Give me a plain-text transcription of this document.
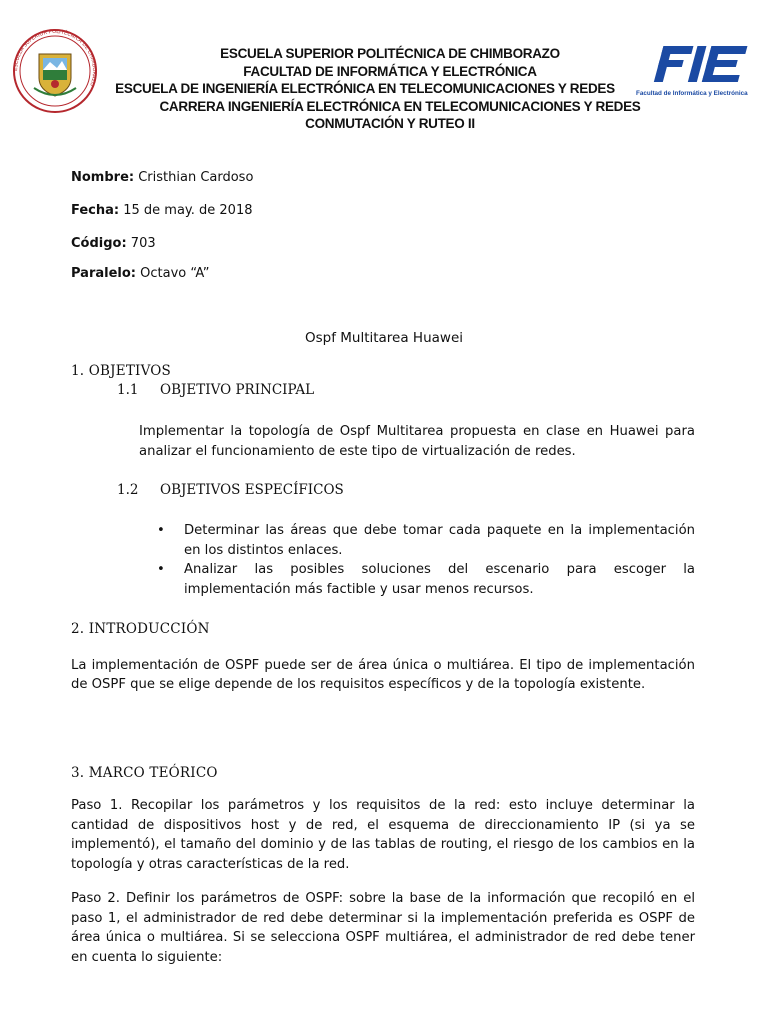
ESCUELA SUPERIOR POLITÉCNICA DE CHIMBORAZO
ESCUELA SUPERIOR POLITÉCNICA DE CHIMBORAZO
FACULTAD DE INFORMÁTICA Y ELECTRÓNICA
ESCUELA DE INGENIERÍA ELECTRÓNICA EN TELECOMUNICACIONES Y REDES
CARRERA INGENIERÍA ELECTRÓNICA EN TELECOMUNICACIONES Y REDES
CONMUTACIÓN Y RUTEO II
Facultad de Informática y Electrónica
Nombre: Cristhian Cardoso
Fecha: 15 de may. de 2018
Código: 703
Paralelo: Octavo “A”
Ospf Multitarea Huawei
1. OBJETIVOS
1.1 OBJETIVO PRINCIPAL
Implementar la topología de Ospf Multitarea propuesta en clase en Huawei para analizar el funcionamiento de este tipo de virtualización de redes.
1.2 OBJETIVOS ESPECÍFICOS
• Determinar las áreas que debe tomar cada paquete en la implementación en los distintos enlaces.
• Analizar las posibles soluciones del escenario para escoger la implementación más factible y usar menos recursos.
2. INTRODUCCIÓN
La implementación de OSPF puede ser de área única o multiárea. El tipo de implementación de OSPF que se elige depende de los requisitos específicos y de la topología existente.
3. MARCO TEÓRICO
Paso 1. Recopilar los parámetros y los requisitos de la red: esto incluye determinar la cantidad de dispositivos host y de red, el esquema de direccionamiento IP (si ya se implementó), el tamaño del dominio y de las tablas de routing, el riesgo de los cambios en la topología y otras características de la red.
Paso 2. Definir los parámetros de OSPF: sobre la base de la información que recopiló en el paso 1, el administrador de red debe determinar si la implementación preferida es OSPF de área única o multiárea. Si se selecciona OSPF multiárea, el administrador de red debe tener en cuenta lo siguiente:
